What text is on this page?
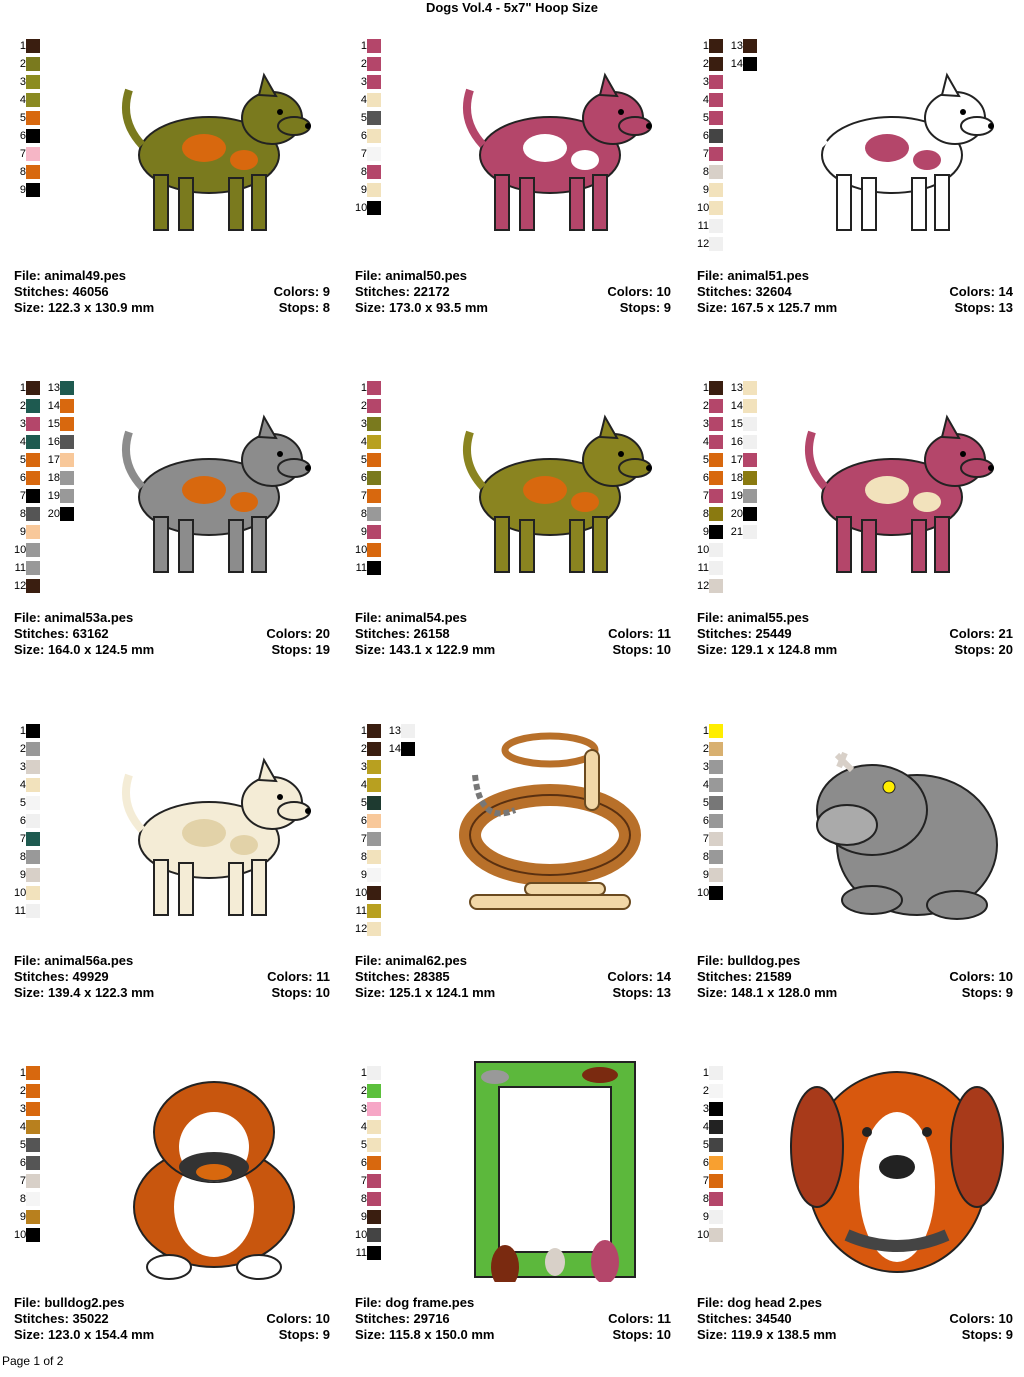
Dogs Vol.4 - 5x7" Hoop Size
1
2
3
4
5
6
7
8
9
File: animal49.pes
Stitches: 46056	Colors: 9
Size: 122.3 x 130.9 mm	Stops: 8
1
2
3
4
5
6
7
8
9
10
File: animal50.pes
Stitches: 22172	Colors: 10
Size: 173.0 x 93.5 mm	Stops: 9
1
2
3
4
5
6
7
8
9
10
11
12
13
14
File: animal51.pes
Stitches: 32604	Colors: 14
Size: 167.5 x 125.7 mm	Stops: 13
1
2
3
4
5
6
7
8
9
10
11
12
13
14
15
16
17
18
19
20
File: animal53a.pes
Stitches: 63162	Colors: 20
Size: 164.0 x 124.5 mm	Stops: 19
1
2
3
4
5
6
7
8
9
10
11
File: animal54.pes
Stitches: 26158	Colors: 11
Size: 143.1 x 122.9 mm	Stops: 10
1
2
3
4
5
6
7
8
9
10
11
12
13
14
15
16
17
18
19
20
21
File: animal55.pes
Stitches: 25449	Colors: 21
Size: 129.1 x 124.8 mm	Stops: 20
1
2
3
4
5
6
7
8
9
10
11
File: animal56a.pes
Stitches: 49929	Colors: 11
Size: 139.4 x 122.3 mm	Stops: 10
1
2
3
4
5
6
7
8
9
10
11
12
13
14
File: animal62.pes
Stitches: 28385	Colors: 14
Size: 125.1 x 124.1 mm	Stops: 13
1
2
3
4
5
6
7
8
9
10
File: bulldog.pes
Stitches: 21589	Colors: 10
Size: 148.1 x 128.0 mm	Stops: 9
1
2
3
4
5
6
7
8
9
10
File: bulldog2.pes
Stitches: 35022	Colors: 10
Size: 123.0 x 154.4 mm	Stops: 9
1
2
3
4
5
6
7
8
9
10
11
File: dog frame.pes
Stitches: 29716	Colors: 11
Size: 115.8 x 150.0 mm	Stops: 10
1
2
3
4
5
6
7
8
9
10
File: dog head 2.pes
Stitches: 34540	Colors: 10
Size: 119.9 x 138.5 mm	Stops: 9
Page 1 of 2
